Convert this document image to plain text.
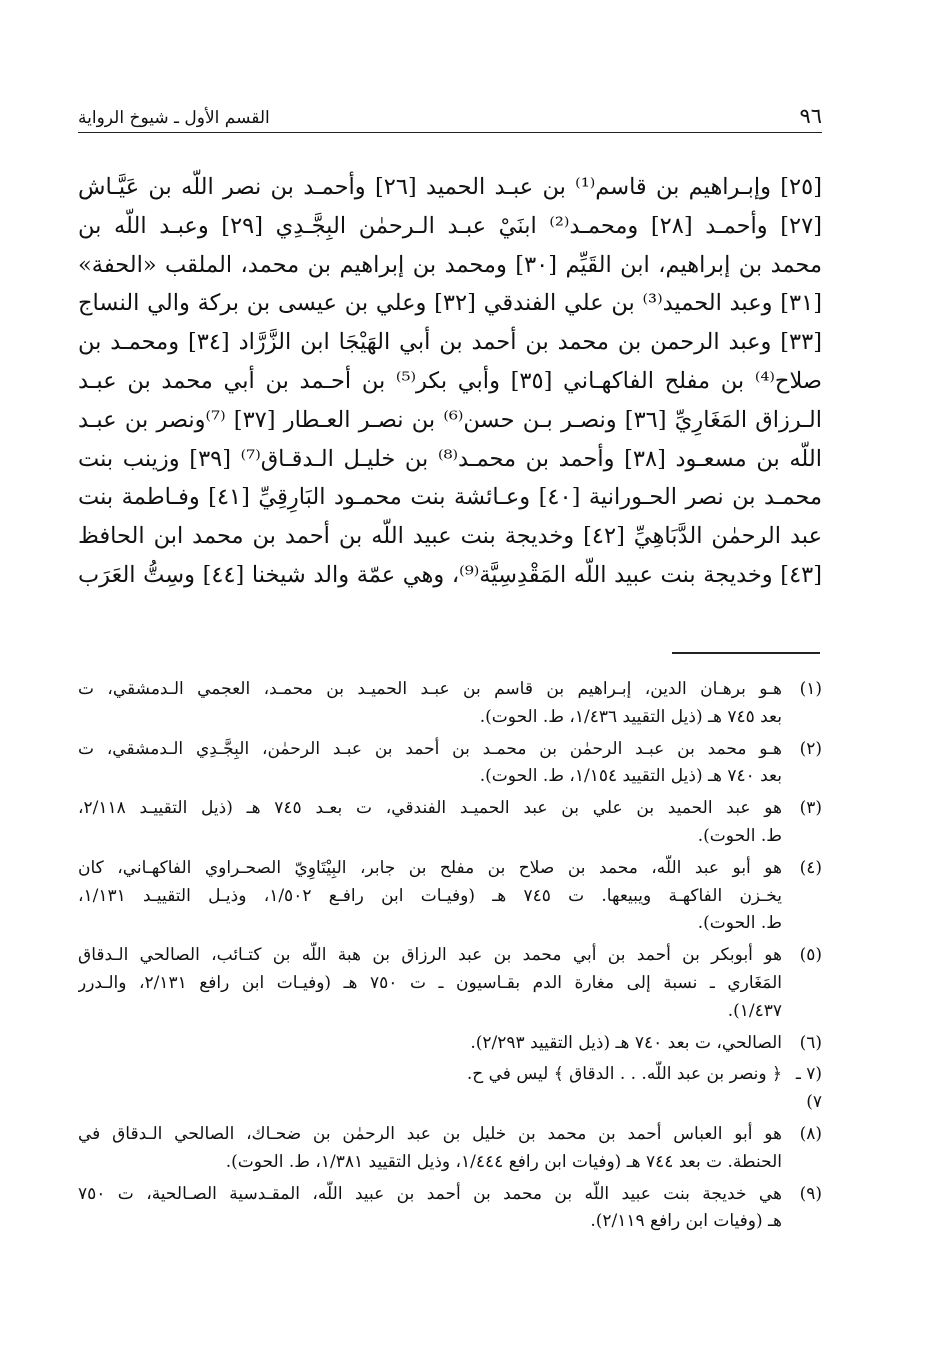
٩٦
القسم الأول ـ شيوخ الرواية
[٢٥] وإبـراهيم بن قاسم⁽¹⁾ بن عبـد الحميد [٢٦] وأحمـد بن نصر اللّه بن عَيَّـاش
[٢٧] وأحمـد [٢٨] ومحمـد⁽²⁾ ابنَيْ عبـد الـرحمٰن البِجَّـدِي [٢٩] وعبـد اللّه بن
محمد بن إبراهيم، ابن القَيِّم [٣٠] ومحمد بن إبراهيم بن محمد، الملقب «الحفة»
[٣١] وعبد الحميد⁽³⁾ بن علي الفندقي [٣٢] وعلي بن عيسى بن بركة والي النساج
[٣٣] وعبد الرحمن بن محمد بن أحمد بن أبي الهَيْجَا ابن الزَّرَّاد [٣٤] ومحمـد بن
صلاح⁽⁴⁾ بن مفلح الفاكهـاني [٣٥] وأبي بكر⁽⁵⁾ بن أحـمد بن أبي محمد بن عبـد
الـرزاق المَغَارِيِّ [٣٦] ونصـر بـن حسن⁽⁶⁾ بن نصـر العـطار [٣٧] ⁽⁷⁾ونصر بن عبـد
اللّه بن مسعـود [٣٨] وأحمد بن محمـد⁽⁸⁾ بن خليـل الـدقـاق⁽⁷⁾ [٣٩] وزينب بنت
محمـد بن نصر الحـورانية [٤٠] وعـائشة بنت محمـود البَارِقِيِّ [٤١] وفـاطمة بنت
عبد الرحمٰن الدَّبَاهِيِّ [٤٢] وخديجة بنت عبيد اللّه بن أحمد بن محمد ابن الحافظ
[٤٣] وخديجة بنت عبيد اللّه المَقْدِسِيَّة⁽⁹⁾، وهي عمّة والد شيخنا [٤٤] وسِتُّ العَرَب
(١)
هـو برهـان الدين، إبـراهيم بن قاسم بن عبـد الحميـد بن محمـد، العجمي الـدمشقي، ت
بعد ٧٤٥ هـ (ذيل التقييد ١/٤٣٦، ط. الحوت).
(٢)
هـو محمد بن عبـد الرحمٰن بن محمـد بن أحمد بن عبـد الرحمٰن، البِجَّـدِي الـدمشقي، ت
بعد ٧٤٠ هـ (ذيل التقييد ١/١٥٤، ط. الحوت).
(٣)
هو عبد الحميد بن علي بن عبد الحميـد الفندقي، ت بعـد ٧٤٥ هـ (ذيل التقييـد ٢/١١٨،
ط. الحوت).
(٤)
هو أبو عبد اللّه، محمد بن صلاح بن مفلح بن جابر، البِيْتَاوِيّ الصحـراوي الفاكهـاني، كان
يخـزن الفاكهـة ويبيعها. ت ٧٤٥ هـ (وفيـات ابن رافـع ١/٥٠٢، وذيـل التقييـد ١/١٣١،
ط. الحوت).
(٥)
هو أبوبكر بن أحمد بن أبي محمد بن عبد الرزاق بن هبة اللّه بن كتـائب، الصالحي الـدقاق
المَغَاري ـ نسبة إلى مغارة الدم بقـاسيون ـ ت ٧٥٠ هـ (وفيـات ابن رافع ٢/١٣١، والـدرر
١/٤٣٧).
(٦)
الصالحي، ت بعد ٧٤٠ هـ (ذيل التقييد ٢/٢٩٣).
(٧ ـ ٧)
﴿ ونصر بن عبد اللّه. . . الدقاق ﴾ ليس في ح.
(٨)
هو أبو العباس أحمد بن محمد بن خليل بن عبد الرحمٰن بن ضحـاك، الصالحي الـدقاق في
الحنطة. ت بعد ٧٤٤ هـ (وفيات ابن رافع ١/٤٤٤، وذيل التقييد ١/٣٨١، ط. الحوت).
(٩)
هي خديجة بنت عبيد اللّه بن محمد بن أحمد بن عبيد اللّه، المقـدسية الصـالحية، ت ٧٥٠
هـ (وفيات ابن رافع ٢/١١٩).
